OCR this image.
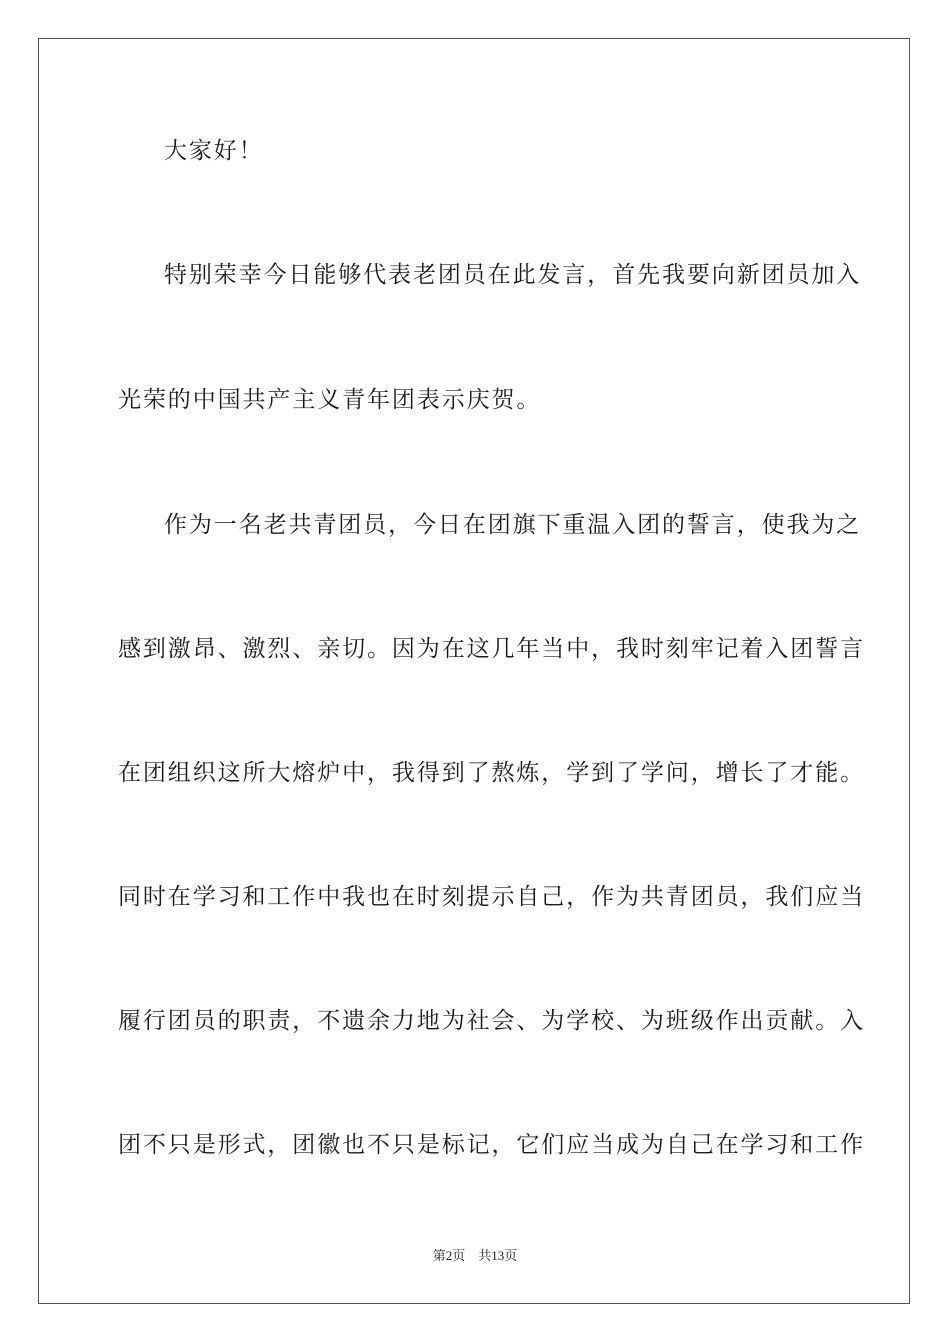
大家好！

特别荣幸今日能够代表老团员在此发言，首先我要向新团员加入

光荣的中国共产主义青年团表示庆贺。

作为一名老共青团员，今日在团旗下重温入团的誓言，使我为之

感到激昂、激烈、亲切。因为在这几年当中，我时刻牢记着入团誓言

在团组织这所大熔炉中，我得到了熬炼，学到了学问，增长了才能。

同时在学习和工作中我也在时刻提示自己，作为共青团员，我们应当

履行团员的职责，不遗余力地为社会、为学校、为班级作出贡献。入

团不只是形式，团徽也不只是标记，它们应当成为自己在学习和工作

第2页　共13页
